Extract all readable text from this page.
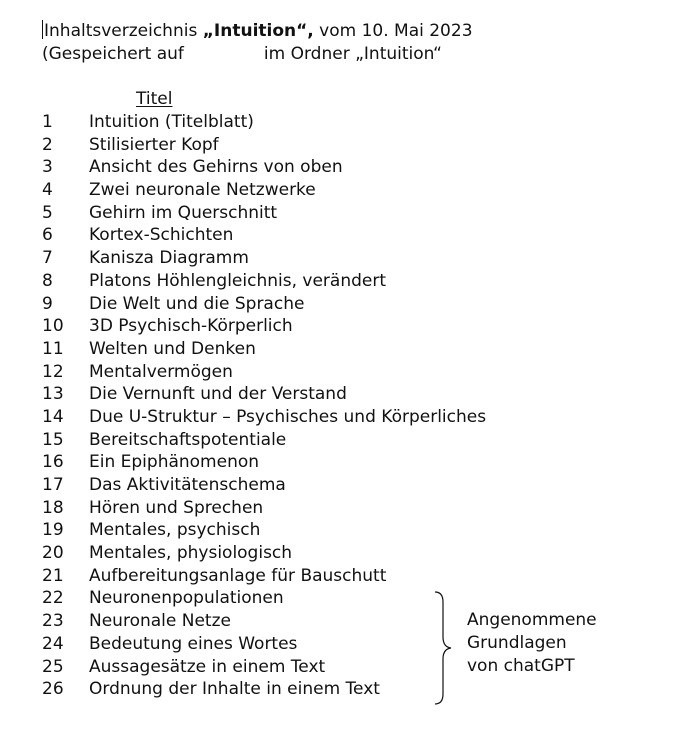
Inhaltsverzeichnis „Intuition“, vom 10. Mai 2023
(Gespeichert auf	im Ordner „Intuition“
Titel
1 Intuition (Titelblatt)
2 Stilisierter Kopf
3 Ansicht des Gehirns von oben
4 Zwei neuronale Netzwerke
5 Gehirn im Querschnitt
6 Kortex-Schichten
7 Kanisza Diagramm
8 Platons Höhlengleichnis, verändert
9 Die Welt und die Sprache
10 3D Psychisch-Körperlich
11 Welten und Denken
12 Mentalvermögen
13 Die Vernunft und der Verstand
14 Due U-Struktur – Psychisches und Körperliches
15 Bereitschaftspotentiale
16 Ein Epiphänomenon
17 Das Aktivitätenschema
18 Hören und Sprechen
19 Mentales, psychisch
20 Mentales, physiologisch
21 Aufbereitungsanlage für Bauschutt
22 Neuronenpopulationen
23 Neuronale Netze
24 Bedeutung eines Wortes
25 Aussagesätze in einem Text
26 Ordnung der Inhalte in einem Text
Angenommene
Grundlagen
von chatGPT
